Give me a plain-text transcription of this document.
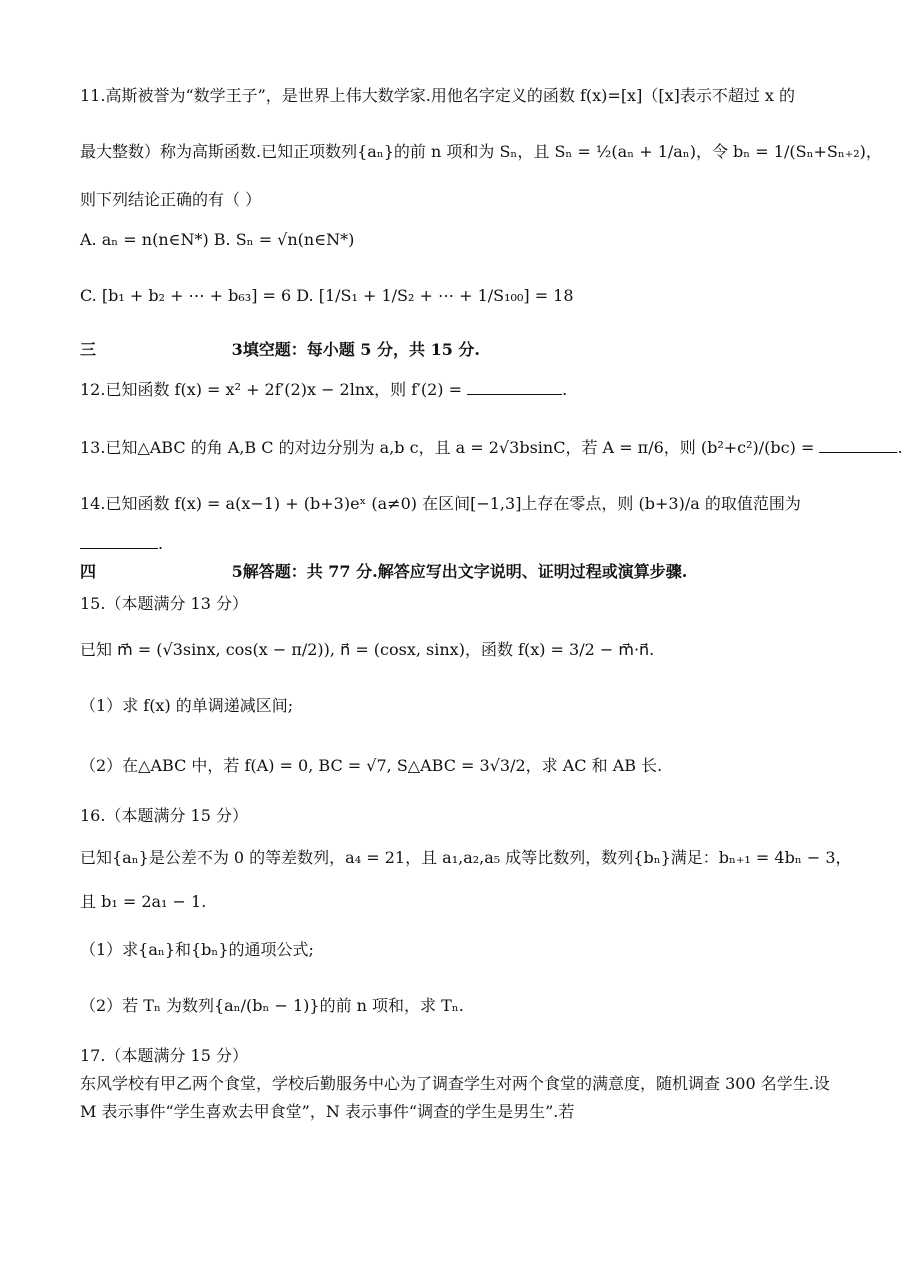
11.高斯被誉为“数学王子”，是世界上伟大数学家.用他名字定义的函数 f(x)=[x]（[x]表示不超过 x 的
最大整数）称为高斯函数.已知正项数列{aₙ}的前 n 项和为 Sₙ，且 Sₙ = ½(aₙ + 1/aₙ)，令 bₙ = 1/(Sₙ+Sₙ₊₂)，
则下列结论正确的有（ ）
A. aₙ = n(n∈N*) B. Sₙ = √n(n∈N*)
C. [b₁ + b₂ + ⋯ + b₆₃] = 6 D. [1/S₁ + 1/S₂ + ⋯ + 1/S₁₀₀] = 18
三	3填空题：每小题 5 分，共 15 分.
12.已知函数 f(x) = x² + 2f′(2)x − 2lnx，则 f′(2) =	.
13.已知△ABC 的角 A,B C 的对边分别为 a,b c，且 a = 2√3bsinC，若 A = π/6，则 (b²+c²)/(bc) =	.
14.已知函数 f(x) = a(x−1) + (b+3)eˣ (a≠0) 在区间[−1,3]上存在零点，则 (b+3)/a 的取值范围为
.
四	5解答题：共 77 分.解答应写出文字说明、证明过程或演算步骤.
15.（本题满分 13 分）
已知 m⃗ = (√3sinx, cos(x − π/2)), n⃗ = (cosx, sinx)，函数 f(x) = 3/2 − m⃗·n⃗.
（1）求 f(x) 的单调递减区间;
（2）在△ABC 中，若 f(A) = 0, BC = √7, S△ABC = 3√3/2，求 AC 和 AB 长.
16.（本题满分 15 分）
已知{aₙ}是公差不为 0 的等差数列，a₄ = 21，且 a₁,a₂,a₅ 成等比数列，数列{bₙ}满足：bₙ₊₁ = 4bₙ − 3，
且 b₁ = 2a₁ − 1.
（1）求{aₙ}和{bₙ}的通项公式;
（2）若 Tₙ 为数列{aₙ/(bₙ − 1)}的前 n 项和，求 Tₙ.
17.（本题满分 15 分）
东风学校有甲乙两个食堂，学校后勤服务中心为了调查学生对两个食堂的满意度，随机调查 300 名学生.设
M 表示事件“学生喜欢去甲食堂”，N 表示事件“调查的学生是男生”.若
